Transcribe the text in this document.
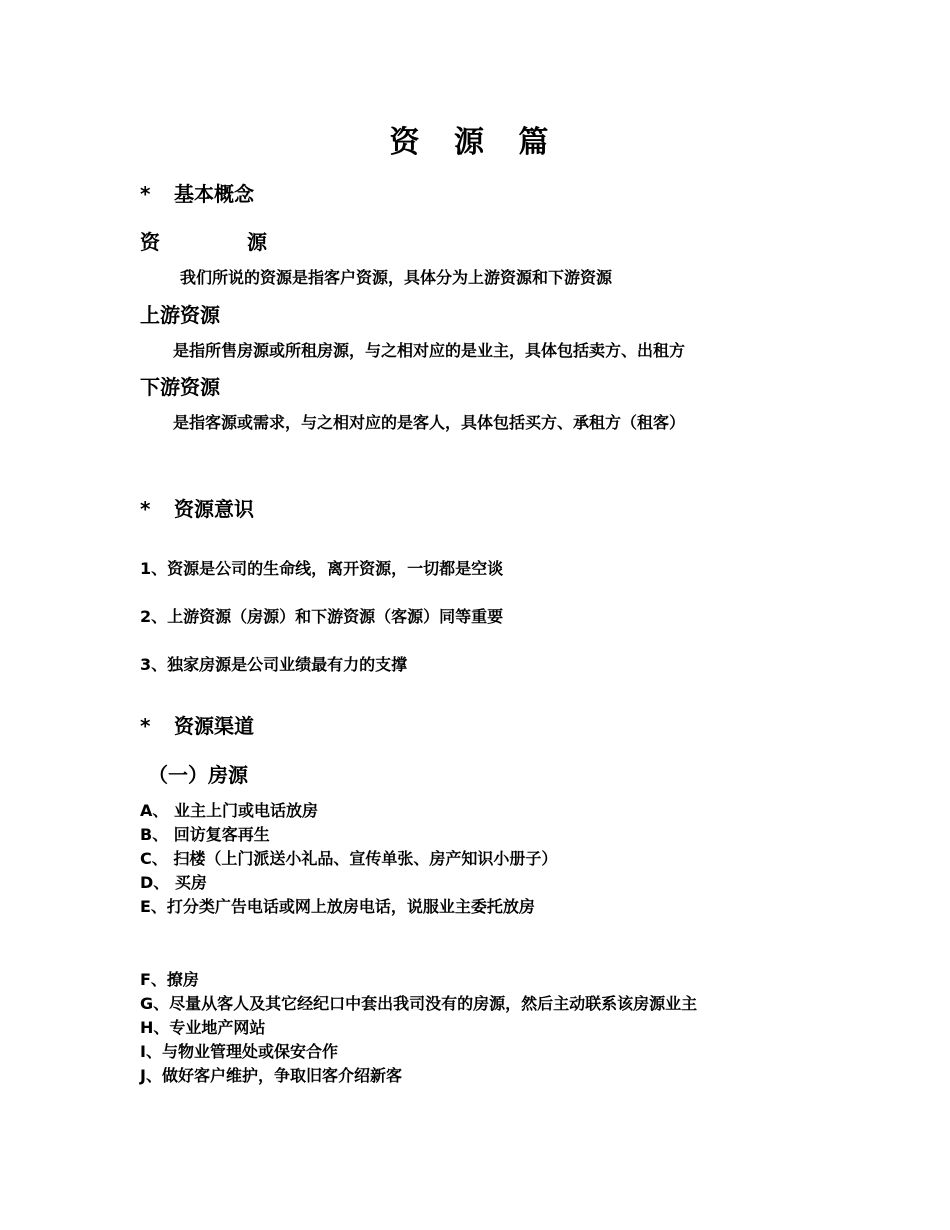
资 源 篇
* 基本概念
资 源
我们所说的资源是指客户资源，具体分为上游资源和下游资源
上游资源
是指所售房源或所租房源，与之相对应的是业主，具体包括卖方、出租方
下游资源
是指客源或需求，与之相对应的是客人，具体包括买方、承租方（租客）
* 资源意识
1、资源是公司的生命线，离开资源，一切都是空谈
2、上游资源（房源）和下游资源（客源）同等重要
3、独家房源是公司业绩最有力的支撑
* 资源渠道
（一）房源
A、 业主上门或电话放房
B、 回访复客再生
C、 扫楼（上门派送小礼品、宣传单张、房产知识小册子）
D、 买房
E、打分类广告电话或网上放房电话，说服业主委托放房
F、撩房
G、尽量从客人及其它经纪口中套出我司没有的房源，然后主动联系该房源业主
H、专业地产网站
I、与物业管理处或保安合作
J、做好客户维护，争取旧客介绍新客
